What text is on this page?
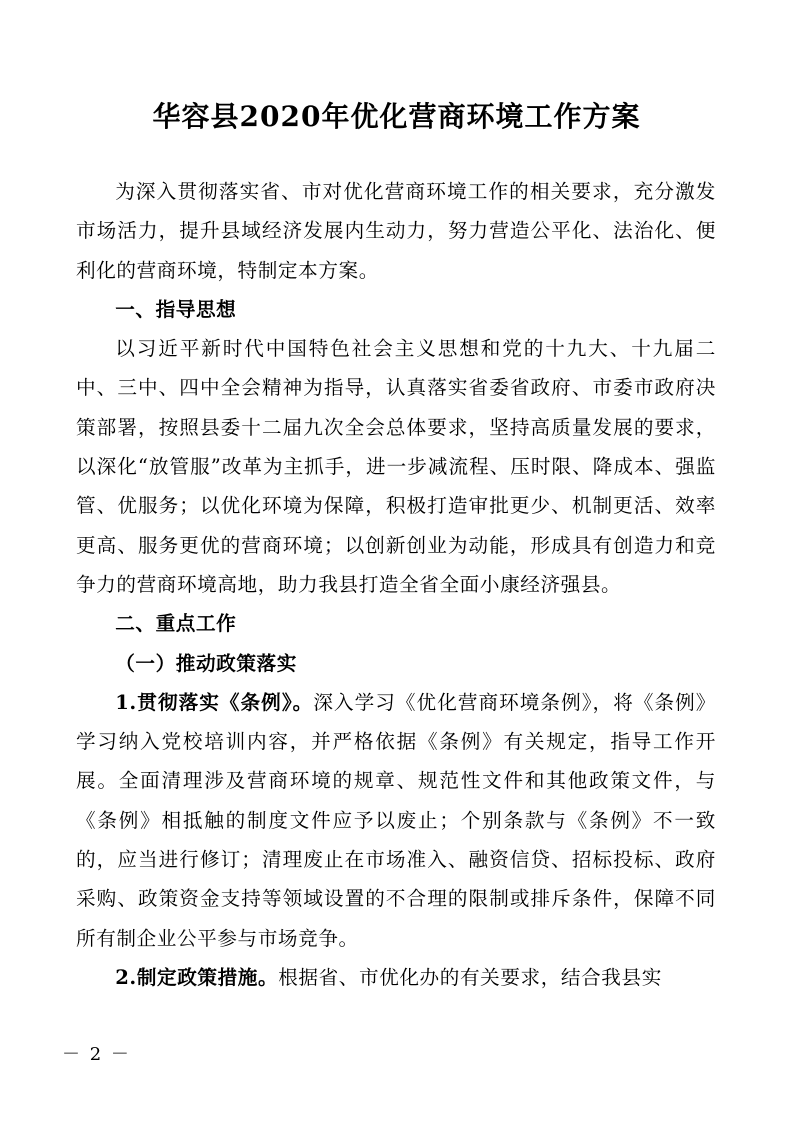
华容县2020年优化营商环境工作方案

为深入贯彻落实省、市对优化营商环境工作的相关要求，充分激发市场活力，提升县域经济发展内生动力，努力营造公平化、法治化、便利化的营商环境，特制定本方案。

一、指导思想

以习近平新时代中国特色社会主义思想和党的十九大、十九届二中、三中、四中全会精神为指导，认真落实省委省政府、市委市政府决策部署，按照县委十二届九次全会总体要求，坚持高质量发展的要求，以深化“放管服”改革为主抓手，进一步减流程、压时限、降成本、强监管、优服务；以优化环境为保障，积极打造审批更少、机制更活、效率更高、服务更优的营商环境；以创新创业为动能，形成具有创造力和竞争力的营商环境高地，助力我县打造全省全面小康经济强县。

二、重点工作

（一）推动政策落实

1.贯彻落实《条例》。深入学习《优化营商环境条例》，将《条例》学习纳入党校培训内容，并严格依据《条例》有关规定，指导工作开展。全面清理涉及营商环境的规章、规范性文件和其他政策文件，与《条例》相抵触的制度文件应予以废止；个别条款与《条例》不一致的，应当进行修订；清理废止在市场准入、融资信贷、招标投标、政府采购、政策资金支持等领域设置的不合理的限制或排斥条件，保障不同所有制企业公平参与市场竞争。

2.制定政策措施。根据省、市优化办的有关要求，结合我县实

－ 2 －
